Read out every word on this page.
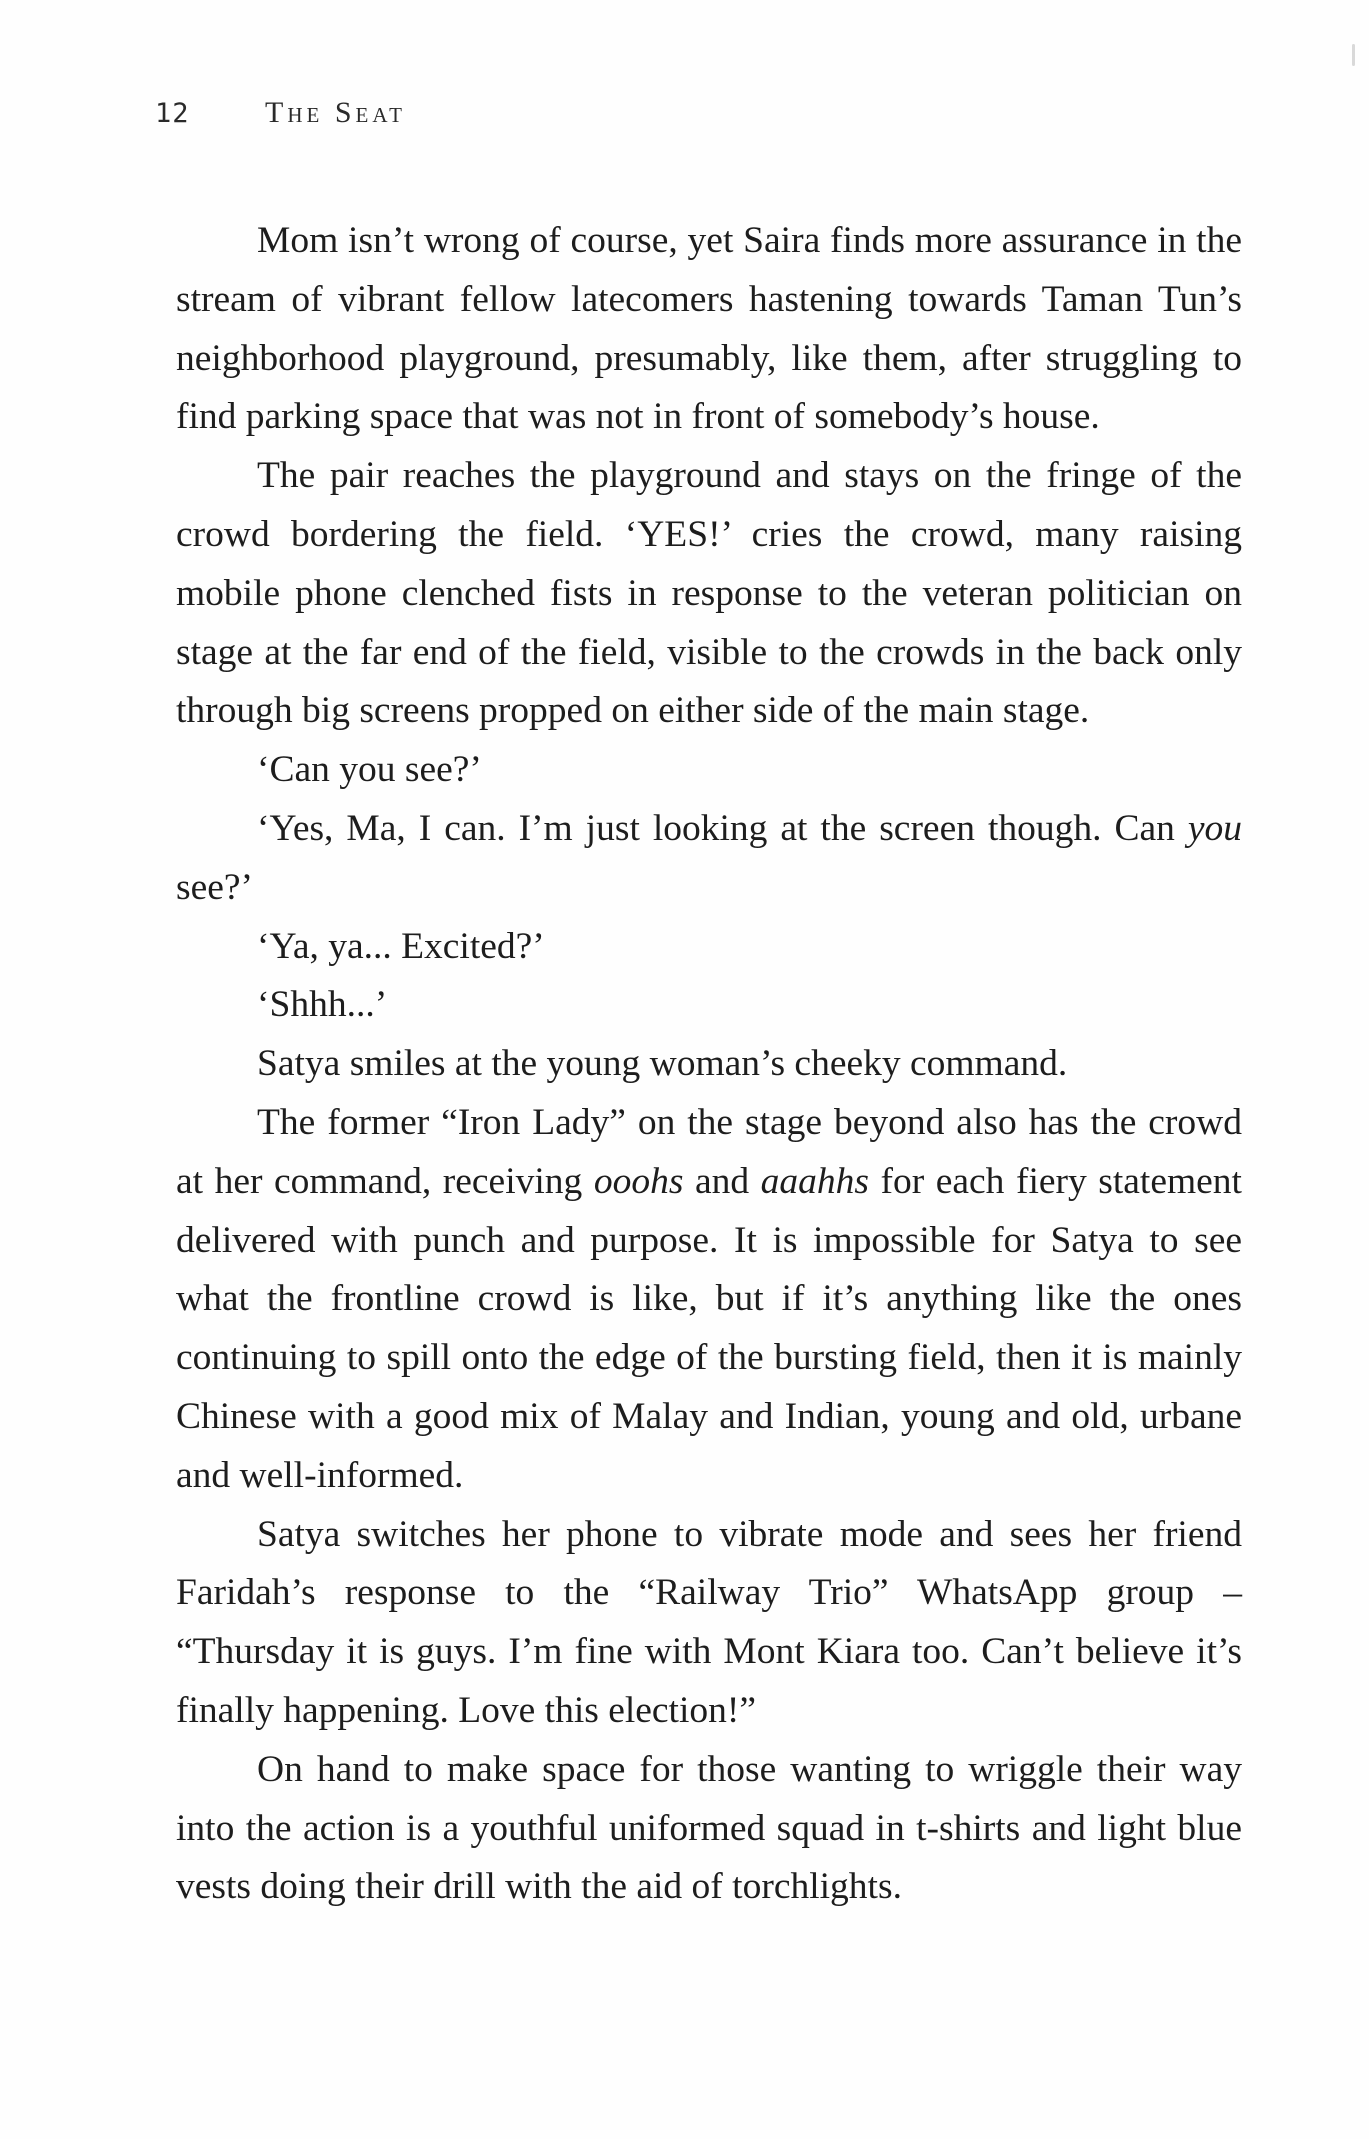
12	The Seat

Mom isn’t wrong of course, yet Saira finds more assurance in the stream of vibrant fellow latecomers hastening towards Taman Tun’s neighborhood playground, presumably, like them, after struggling to find parking space that was not in front of somebody’s house.

The pair reaches the playground and stays on the fringe of the crowd bordering the field. ‘YES!’ cries the crowd, many raising mobile phone clenched fists in response to the veteran politician on stage at the far end of the field, visible to the crowds in the back only through big screens propped on either side of the main stage.

‘Can you see?’

‘Yes, Ma, I can. I’m just looking at the screen though. Can you see?’

‘Ya, ya... Excited?’

‘Shhh...’

Satya smiles at the young woman’s cheeky command.

The former “Iron Lady” on the stage beyond also has the crowd at her command, receiving ooohs and aaahhs for each fiery statement delivered with punch and purpose. It is impossible for Satya to see what the frontline crowd is like, but if it’s anything like the ones continuing to spill onto the edge of the bursting field, then it is mainly Chinese with a good mix of Malay and Indian, young and old, urbane and well-informed.

Satya switches her phone to vibrate mode and sees her friend Faridah’s response to the “Railway Trio” WhatsApp group – “Thursday it is guys. I’m fine with Mont Kiara too. Can’t believe it’s finally happening. Love this election!”

On hand to make space for those wanting to wriggle their way into the action is a youthful uniformed squad in t-shirts and light blue vests doing their drill with the aid of torchlights.
